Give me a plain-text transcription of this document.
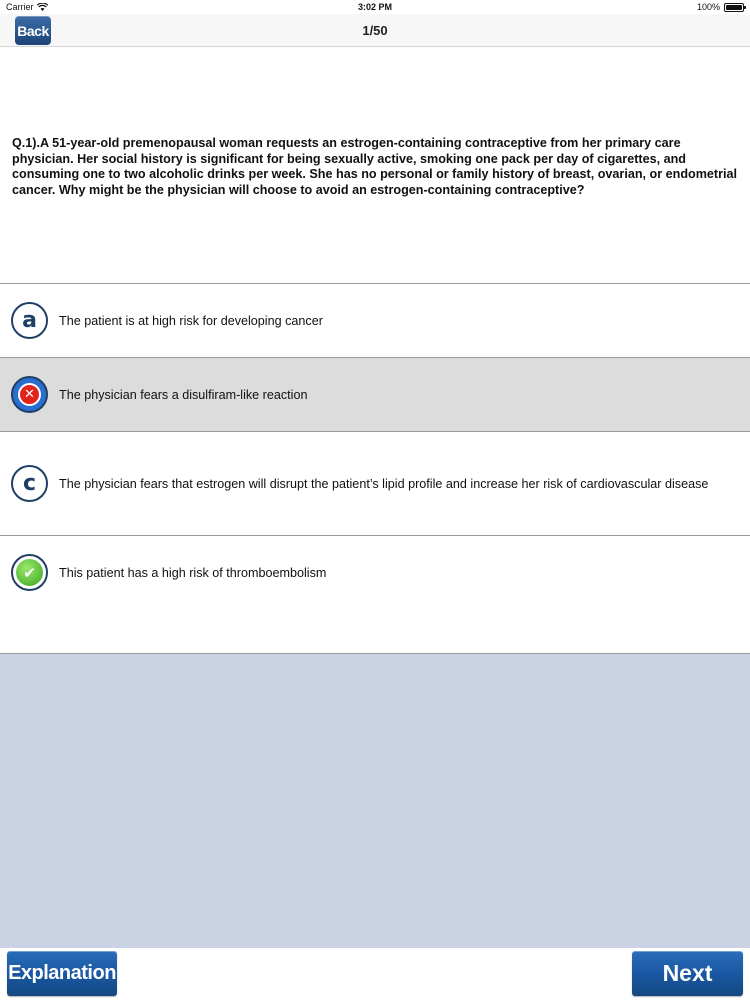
Carrier	3:02 PM	100%
Back	1/50
Q.1).A 51-year-old premenopausal woman requests an estrogen-containing contraceptive from her primary care physician. Her social history is significant for being sexually active, smoking one pack per day of cigarettes, and consuming one to two alcoholic drinks per week. She has no personal or family history of breast, ovarian, or endometrial cancer. Why might be the physician will choose to avoid an estrogen-containing contraceptive?
a The patient is at high risk for developing cancer
✕	The physician fears a disulfiram-like reaction
c The physician fears that estrogen will disrupt the patient’s lipid profile and increase her risk of cardiovascular disease
✔	This patient has a high risk of thromboembolism
Explanation	Next
